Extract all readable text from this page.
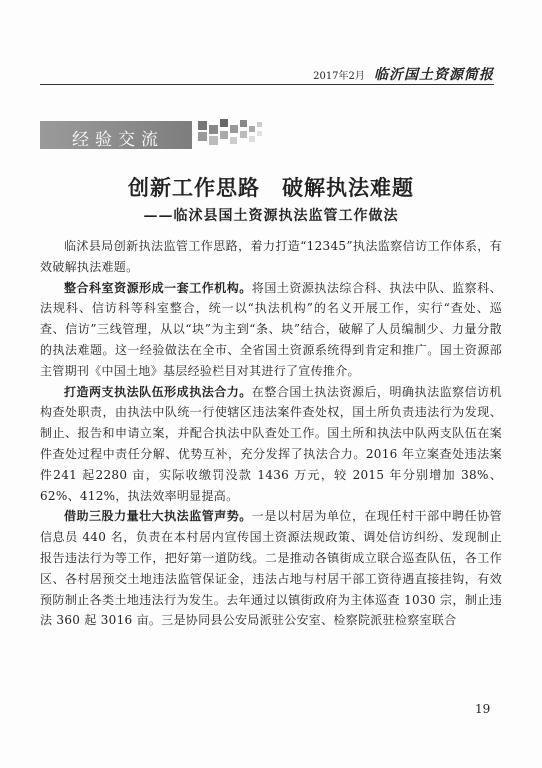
2017年2月 临沂国土资源简报
经验交流
创新工作思路　破解执法难题
——临沭县国土资源执法监管工作做法

临沭县局创新执法监管工作思路，着力打造“12345”执法监察信访工作体系，有效破解执法难题。

整合科室资源形成一套工作机构。将国土资源执法综合科、执法中队、监察科、法规科、信访科等科室整合，统一以“执法机构”的名义开展工作，实行“查处、巡查、信访”三线管理，从以“块”为主到“条、块”结合，破解了人员编制少、力量分散的执法难题。这一经验做法在全市、全省国土资源系统得到肯定和推广。国土资源部主管期刊《中国土地》基层经验栏目对其进行了宣传推介。

打造两支执法队伍形成执法合力。在整合国土执法资源后，明确执法监察信访机构查处职责，由执法中队统一行使辖区违法案件查处权，国土所负责违法行为发现、制止、报告和申请立案，并配合执法中队查处工作。国土所和执法中队两支队伍在案件查处过程中责任分解、优势互补，充分发挥了执法合力。2016 年立案查处违法案件241 起2280 亩，实际收缴罚没款 1436 万元，较 2015 年分别增加 38%、62%、412%，执法效率明显提高。

借助三股力量壮大执法监管声势。一是以村居为单位，在现任村干部中聘任协管信息员 440 名，负责在本村居内宣传国土资源法规政策、调处信访纠纷、发现制止报告违法行为等工作，把好第一道防线。二是推动各镇街成立联合巡查队伍，各工作区、各村居预交土地违法监管保证金，违法占地与村居干部工资待遇直接挂钩，有效预防制止各类土地违法行为发生。去年通过以镇街政府为主体巡查 1030 宗，制止违法 360 起 3016 亩。三是协同县公安局派驻公安室、检察院派驻检察室联合

19
